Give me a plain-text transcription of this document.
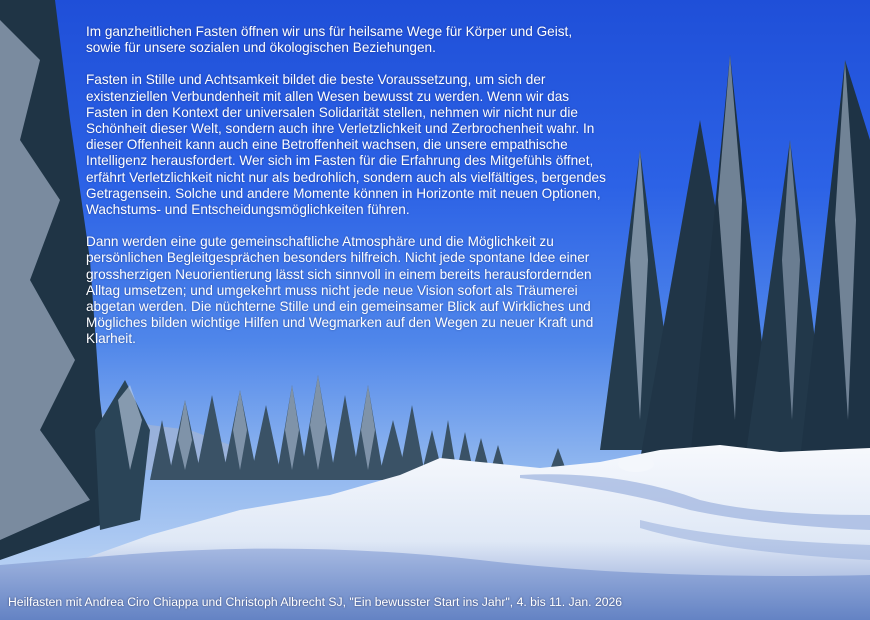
Im ganzheitlichen Fasten öffnen wir uns für heilsame Wege für Körper und Geist, sowie für unsere sozialen und ökologischen Beziehungen.

Fasten in Stille und Achtsamkeit bildet die beste Voraussetzung, um sich der existenziellen Verbundenheit mit allen Wesen bewusst zu werden. Wenn wir das Fasten in den Kontext der universalen Solidarität stellen, nehmen wir nicht nur die Schönheit dieser Welt, sondern auch ihre Verletzlichkeit und Zerbrochenheit wahr. In dieser Offenheit kann auch eine Betroffenheit wachsen, die unsere empathische Intelligenz herausfordert. Wer sich im Fasten für die Erfahrung des Mitgefühls öffnet, erfährt Verletzlichkeit nicht nur als bedrohlich, sondern auch als vielfältiges, bergendes Getragensein. Solche und andere Momente können in Horizonte mit neuen Optionen, Wachstums- und Entscheidungsmöglichkeiten führen.

Dann werden eine gute gemeinschaftliche Atmosphäre und die Möglichkeit zu persönlichen Begleitgesprächen besonders hilfreich. Nicht jede spontane Idee einer grossherzigen Neuorientierung lässt sich sinnvoll in einem bereits herausfordernden Alltag umsetzen; und umgekehrt muss nicht jede neue Vision sofort als Träumerei abgetan werden. Die nüchterne Stille und ein gemeinsamer Blick auf Wirkliches und Mögliches bilden wichtige Hilfen und Wegmarken auf den Wegen zu neuer Kraft und Klarheit.

Heilfasten mit Andrea Ciro Chiappa und Christoph Albrecht SJ, "Ein bewusster Start ins Jahr", 4. bis 11. Jan. 2026
